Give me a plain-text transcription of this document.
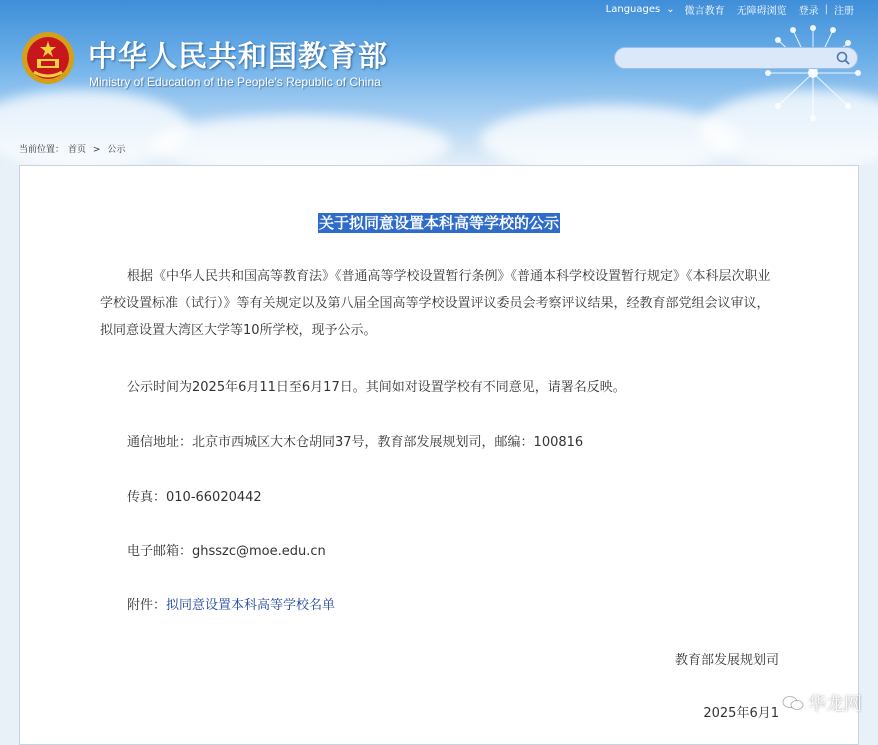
Languages ⌄	微言教育	无障碍浏览	登录 | 注册
中华人民共和国教育部
Ministry of Education of the People's Republic of China
当前位置： 首页 > 公示
关于拟同意设置本科高等学校的公示
根据《中华人民共和国高等教育法》《普通高等学校设置暂行条例》《普通本科学校设置暂行规定》《本科层次职业学校设置标准（试行）》等有关规定以及第八届全国高等学校设置评议委员会考察评议结果，经教育部党组会议审议，拟同意设置大湾区大学等10所学校，现予公示。
公示时间为2025年6月11日至6月17日。其间如对设置学校有不同意见，请署名反映。
通信地址：北京市西城区大木仓胡同37号，教育部发展规划司，邮编：100816
传真：010-66020442
电子邮箱：ghsszc@moe.edu.cn
附件：拟同意设置本科高等学校名单
教育部发展规划司
2025年6月1 华龙网
